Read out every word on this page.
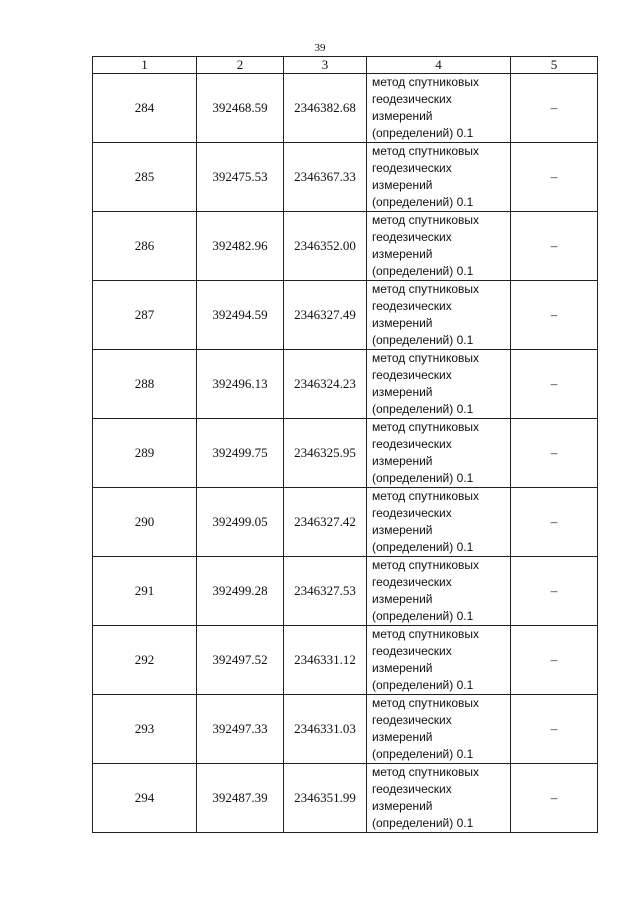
39
1	2	3	4	5
284	392468.59	2346382.68	метод спутниковых
геодезических
измерений
(определений) 0.1	–
285	392475.53	2346367.33	метод спутниковых
геодезических
измерений
(определений) 0.1	–
286	392482.96	2346352.00	метод спутниковых
геодезических
измерений
(определений) 0.1	–
287	392494.59	2346327.49	метод спутниковых
геодезических
измерений
(определений) 0.1	–
288	392496.13	2346324.23	метод спутниковых
геодезических
измерений
(определений) 0.1	–
289	392499.75	2346325.95	метод спутниковых
геодезических
измерений
(определений) 0.1	–
290	392499.05	2346327.42	метод спутниковых
геодезических
измерений
(определений) 0.1	–
291	392499.28	2346327.53	метод спутниковых
геодезических
измерений
(определений) 0.1	–
292	392497.52	2346331.12	метод спутниковых
геодезических
измерений
(определений) 0.1	–
293	392497.33	2346331.03	метод спутниковых
геодезических
измерений
(определений) 0.1	–
294	392487.39	2346351.99	метод спутниковых
геодезических
измерений
(определений) 0.1	–
